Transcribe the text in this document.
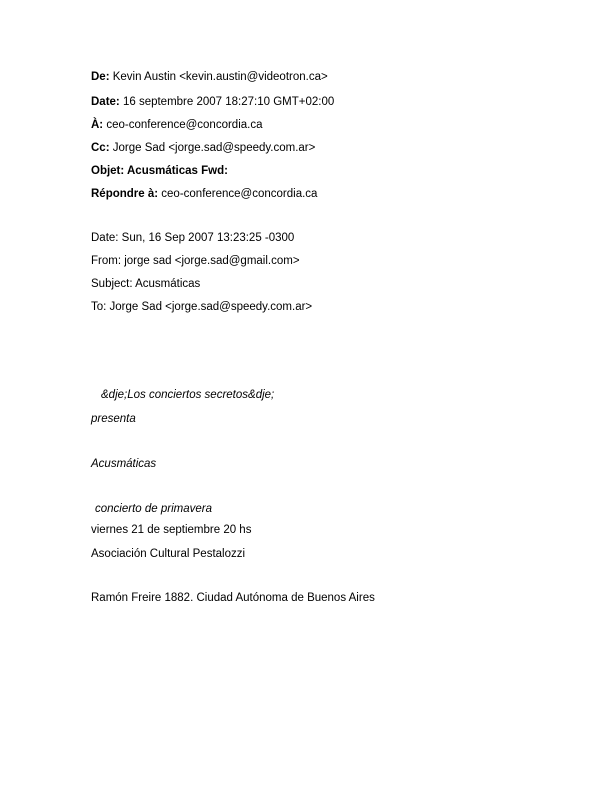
De: Kevin Austin <kevin.austin@videotron.ca>
Date: 16 septembre 2007 18:27:10 GMT+02:00
À: ceo-conference@concordia.ca
Cc: Jorge Sad <jorge.sad@speedy.com.ar>
Objet: Acusmáticas Fwd:
Répondre à: ceo-conference@concordia.ca
Date: Sun, 16 Sep 2007 13:23:25 -0300
From: jorge sad <jorge.sad@gmail.com>
Subject: Acusmáticas
To: Jorge Sad <jorge.sad@speedy.com.ar>
&dje;Los conciertos secretos&dje;
presenta
Acusmáticas
concierto de primavera
viernes 21 de septiembre 20 hs
Asociación Cultural Pestalozzi
Ramón Freire 1882. Ciudad Autónoma de Buenos Aires
